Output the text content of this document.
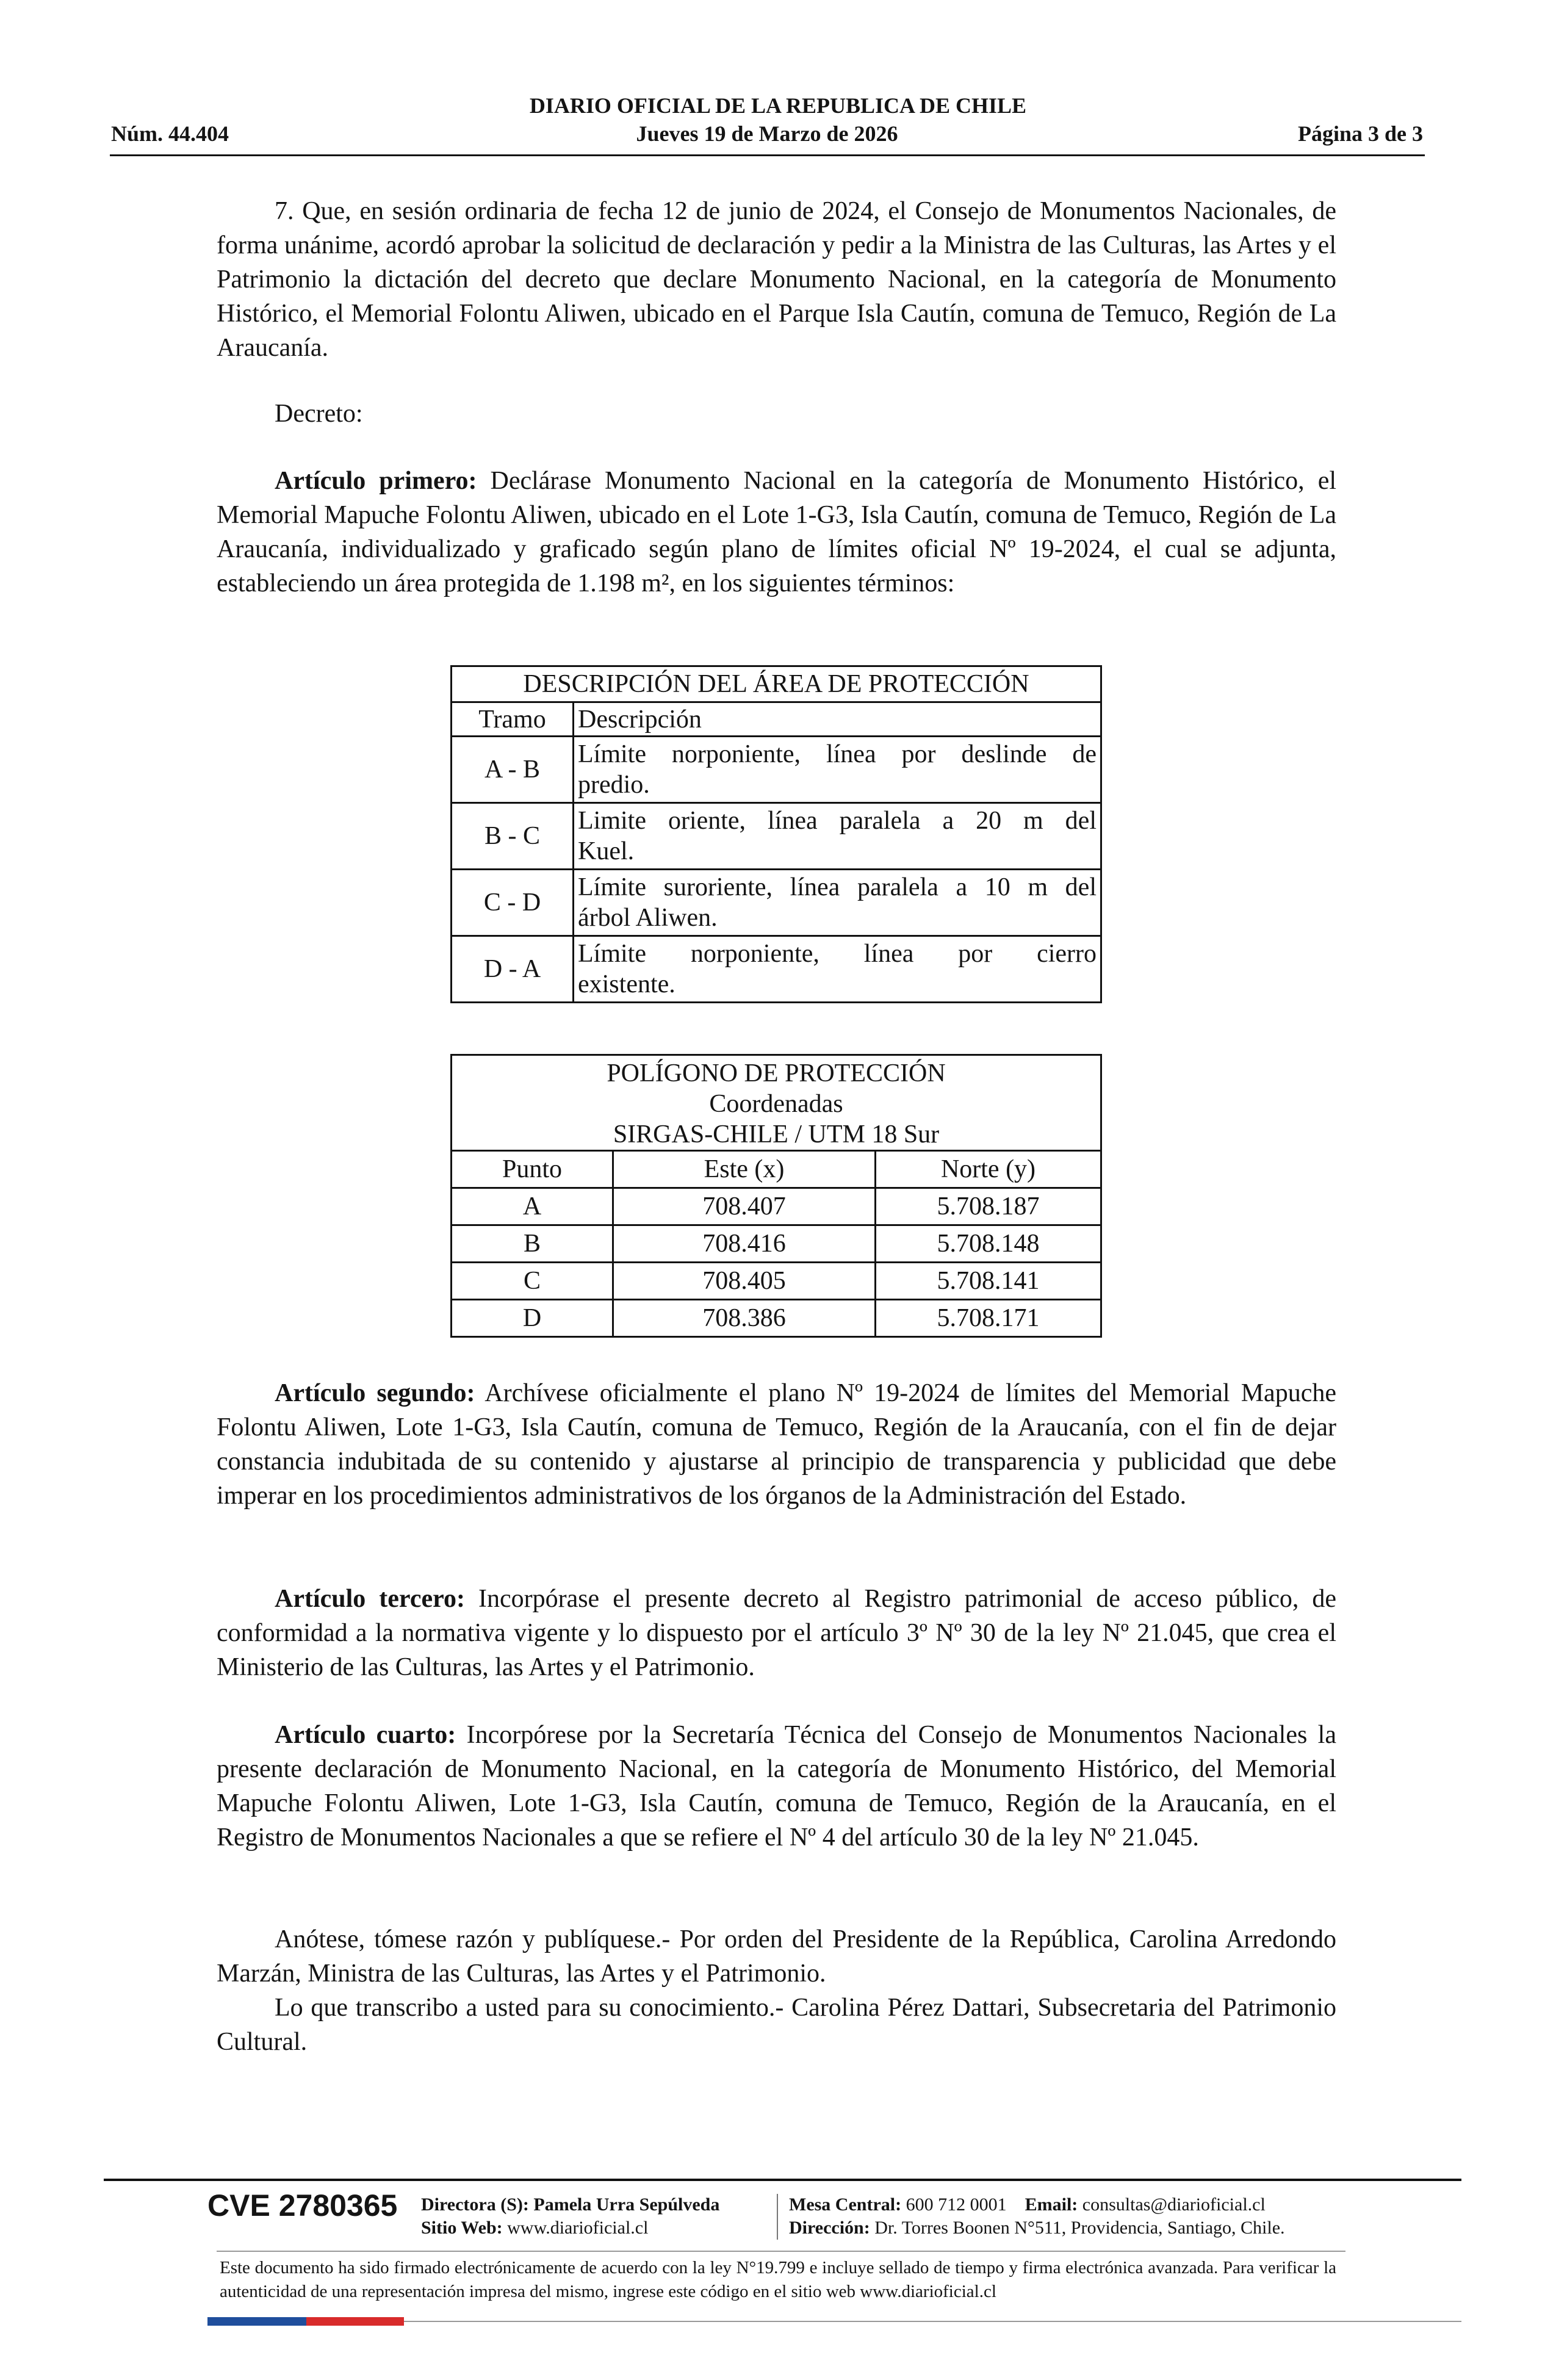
DIARIO OFICIAL DE LA REPUBLICA DE CHILE
Jueves 19 de Marzo de 2026
Núm. 44.404	Página 3 de 3
7. Que, en sesión ordinaria de fecha 12 de junio de 2024, el Consejo de Monumentos Nacionales, de forma unánime, acordó aprobar la solicitud de declaración y pedir a la Ministra de las Culturas, las Artes y el Patrimonio la dictación del decreto que declare Monumento Nacional, en la categoría de Monumento Histórico, el Memorial Folontu Aliwen, ubicado en el Parque Isla Cautín, comuna de Temuco, Región de La Araucanía.
Decreto:
Artículo primero: Declárase Monumento Nacional en la categoría de Monumento Histórico, el Memorial Mapuche Folontu Aliwen, ubicado en el Lote 1-G3, Isla Cautín, comuna de Temuco, Región de La Araucanía, individualizado y graficado según plano de límites oficial Nº 19-2024, el cual se adjunta, estableciendo un área protegida de 1.198 m², en los siguientes términos:
DESCRIPCIÓN DEL ÁREA DE PROTECCIÓN	
Tramo	Descripción
A - B	Límite norponiente, línea por deslinde de
predio.

B - C	Limite oriente, línea paralela a 20 m del
Kuel.

C - D	Límite suroriente, línea paralela a 10 m del
árbol Aliwen.

D - A	Límite norponiente, línea por cierro
existente.
POLÍGONO DE PROTECCIÓN
Coordenadas
SIRGAS-CHILE / UTM 18 Sur		

Punto	Este (x)	Norte (y)
A	708.407	5.708.187
B	708.416	5.708.148
C	708.405	5.708.141
D	708.386	5.708.171
Artículo segundo: Archívese oficialmente el plano Nº 19-2024 de límites del Memorial Mapuche Folontu Aliwen, Lote 1-G3, Isla Cautín, comuna de Temuco, Región de la Araucanía, con el fin de dejar constancia indubitada de su contenido y ajustarse al principio de transparencia y publicidad que debe imperar en los procedimientos administrativos de los órganos de la Administración del Estado.
Artículo tercero: Incorpórase el presente decreto al Registro patrimonial de acceso público, de conformidad a la normativa vigente y lo dispuesto por el artículo 3º Nº 30 de la ley Nº 21.045, que crea el Ministerio de las Culturas, las Artes y el Patrimonio.
Artículo cuarto: Incorpórese por la Secretaría Técnica del Consejo de Monumentos Nacionales la presente declaración de Monumento Nacional, en la categoría de Monumento Histórico, del Memorial Mapuche Folontu Aliwen, Lote 1-G3, Isla Cautín, comuna de Temuco, Región de la Araucanía, en el Registro de Monumentos Nacionales a que se refiere el Nº 4 del artículo 30 de la ley Nº 21.045.
Anótese, tómese razón y publíquese.- Por orden del Presidente de la República, Carolina Arredondo Marzán, Ministra de las Culturas, las Artes y el Patrimonio.
Lo que transcribo a usted para su conocimiento.- Carolina Pérez Dattari, Subsecretaria del Patrimonio Cultural.
CVE 2780365 Directora (S): Pamela Urra Sepúlveda
Sitio Web: www.diarioficial.cl
Mesa Central: 600 712 0001 Email: consultas@diarioficial.cl
Dirección: Dr. Torres Boonen N°511, Providencia, Santiago, Chile.
Este documento ha sido firmado electrónicamente de acuerdo con la ley N°19.799 e incluye sellado de tiempo y firma electrónica avanzada. Para verificar la autenticidad de una representación impresa del mismo, ingrese este código en el sitio web www.diarioficial.cl
